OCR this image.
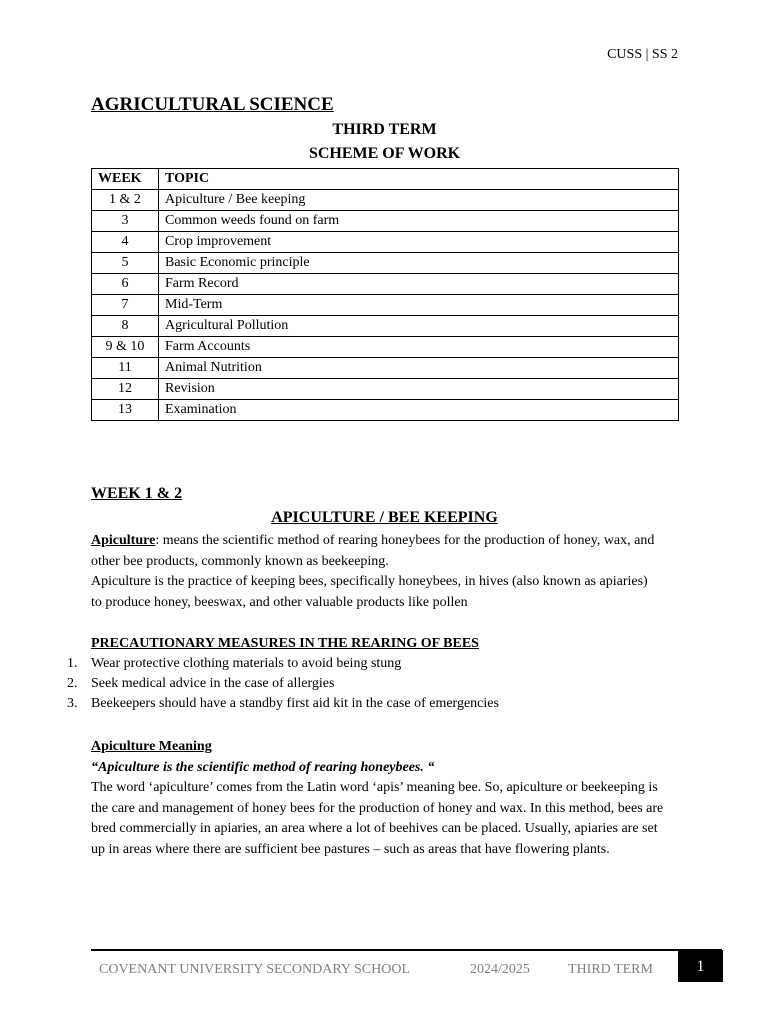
CUSS | SS 2
AGRICULTURAL SCIENCE
THIRD TERM
SCHEME OF WORK
WEEK	TOPIC
1 & 2	Apiculture / Bee keeping
3	Common weeds found on farm
4	Crop improvement
5	Basic Economic principle
6	Farm Record
7	Mid-Term
8	Agricultural Pollution
9 & 10	Farm Accounts
11	Animal Nutrition
12	Revision
13	Examination
WEEK 1 & 2
APICULTURE / BEE KEEPING
Apiculture: means the scientific method of rearing honeybees for the production of honey, wax, and other bee products, commonly known as beekeeping.
Apiculture is the practice of keeping bees, specifically honeybees, in hives (also known as apiaries) to produce honey, beeswax, and other valuable products like pollen
PRECAUTIONARY MEASURES IN THE REARING OF BEES
1. Wear protective clothing materials to avoid being stung
2. Seek medical advice in the case of allergies
3. Beekeepers should have a standby first aid kit in the case of emergencies
Apiculture Meaning
“Apiculture is the scientific method of rearing honeybees. “
The word ‘apiculture’ comes from the Latin word ‘apis’ meaning bee. So, apiculture or beekeeping is the care and management of honey bees for the production of honey and wax. In this method, bees are bred commercially in apiaries, an area where a lot of beehives can be placed. Usually, apiaries are set up in areas where there are sufficient bee pastures – such as areas that have flowering plants.
COVENANT UNIVERSITY SECONDARY SCHOOL	2024/2025	THIRD TERM	1
